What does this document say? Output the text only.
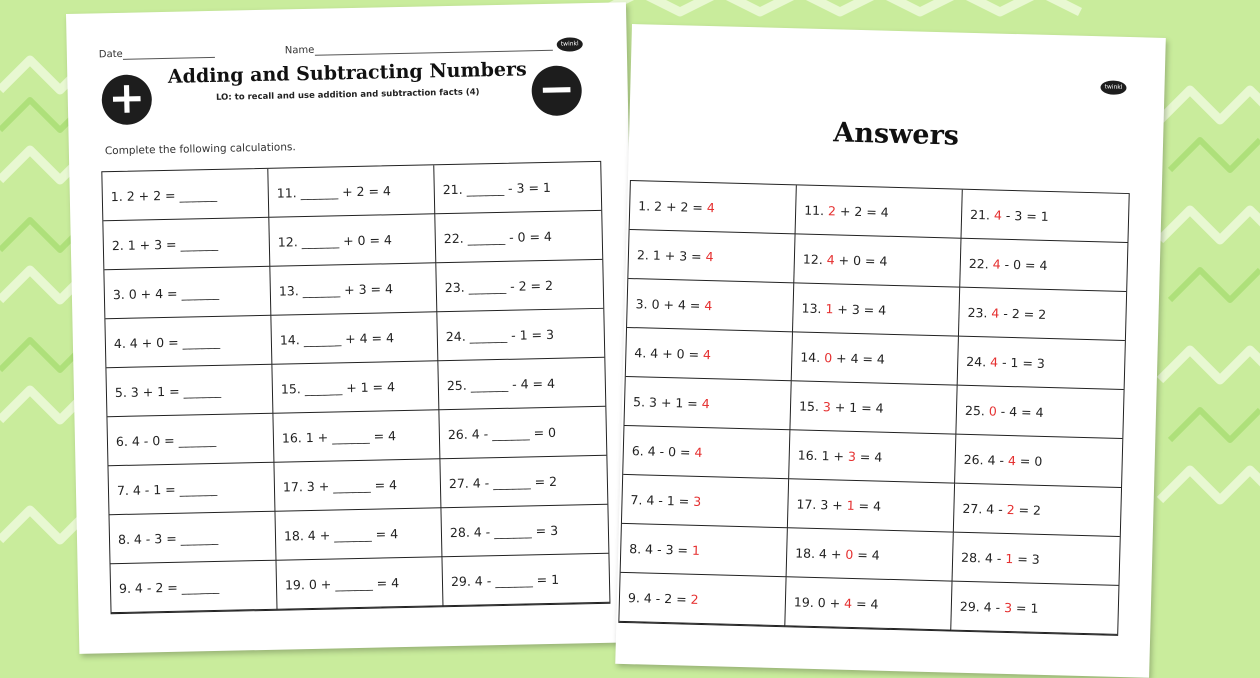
Date	Name
twinkl
+	−
Adding and Subtracting Numbers
LO: to recall and use addition and subtraction facts (4)
Complete the following calculations.
1. 2 + 2 = ______	11. ______ + 2 = 4	21. ______ - 3 = 1
2. 1 + 3 = ______	12. ______ + 0 = 4	22. ______ - 0 = 4
3. 0 + 4 = ______	13. ______ + 3 = 4	23. ______ - 2 = 2
4. 4 + 0 = ______	14. ______ + 4 = 4	24. ______ - 1 = 3
5. 3 + 1 = ______	15. ______ + 1 = 4	25. ______ - 4 = 4
6. 4 - 0 = ______	16. 1 + ______ = 4	26. 4 - ______ = 0
7. 4 - 1 = ______	17. 3 + ______ = 4	27. 4 - ______ = 2
8. 4 - 3 = ______	18. 4 + ______ = 4	28. 4 - ______ = 3
9. 4 - 2 = ______	19. 0 + ______ = 4	29. 4 - ______ = 1
twinkl
Answers
1. 2 + 2 = 4	11. 2 + 2 = 4	21. 4 - 3 = 1
2. 1 + 3 = 4	12. 4 + 0 = 4	22. 4 - 0 = 4
3. 0 + 4 = 4	13. 1 + 3 = 4	23. 4 - 2 = 2
4. 4 + 0 = 4	14. 0 + 4 = 4	24. 4 - 1 = 3
5. 3 + 1 = 4	15. 3 + 1 = 4	25. 0 - 4 = 4
6. 4 - 0 = 4	16. 1 + 3 = 4	26. 4 - 4 = 0
7. 4 - 1 = 3	17. 3 + 1 = 4	27. 4 - 2 = 2
8. 4 - 3 = 1	18. 4 + 0 = 4	28. 4 - 1 = 3
9. 4 - 2 = 2	19. 0 + 4 = 4	29. 4 - 3 = 1
